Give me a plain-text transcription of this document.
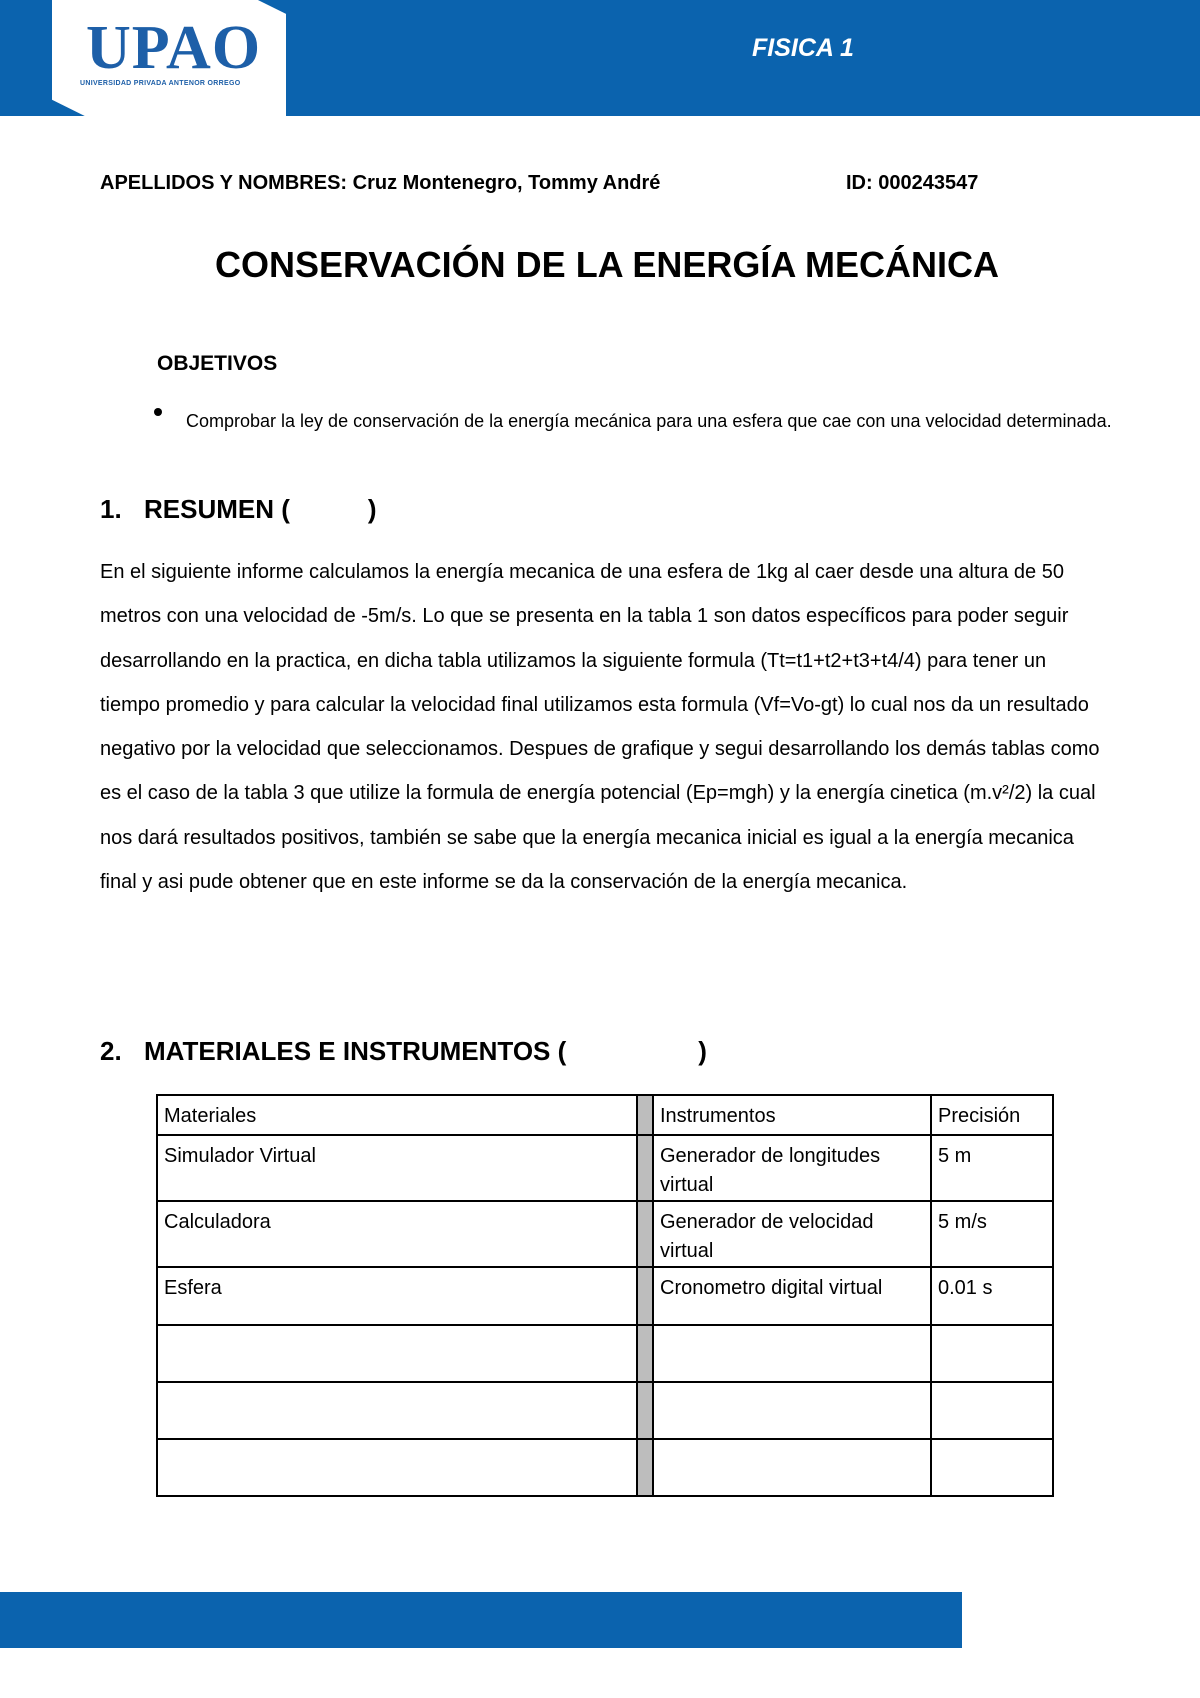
UPAO
UNIVERSIDAD PRIVADA ANTENOR ORREGO
FISICA 1
APELLIDOS Y NOMBRES: Cruz Montenegro, Tommy André	ID: 000243547
CONSERVACIÓN DE LA ENERGÍA MECÁNICA
OBJETIVOS
Comprobar la ley de conservación de la energía mecánica para una esfera que cae con una velocidad determinada.
1. RESUMEN (	)
En el siguiente informe calculamos la energía mecanica de una esfera de 1kg al caer desde una altura de 50 metros con una velocidad de -5m/s. Lo que se presenta en la tabla 1 son datos específicos para poder seguir desarrollando en la practica, en dicha tabla utilizamos la siguiente formula (Tt=t1+t2+t3+t4/4) para tener un tiempo promedio y para calcular la velocidad final utilizamos esta formula (Vf=Vo-gt) lo cual nos da un resultado negativo por la velocidad que seleccionamos. Despues de grafique y segui desarrollando los demás tablas como es el caso de la tabla 3 que utilize la formula de energía potencial (Ep=mgh) y la energía cinetica (m.v²/2) la cual nos dará resultados positivos, también se sabe que la energía mecanica inicial es igual a la energía mecanica final y asi pude obtener que en este informe se da la conservación de la energía mecanica.
2. MATERIALES E INSTRUMENTOS (	)
Materiales		Instrumentos	Precisión
Simulador Virtual		Generador de longitudes virtual	5 m
Calculadora		Generador de velocidad virtual	5 m/s
Esfera		Cronometro digital virtual	0.01 s
